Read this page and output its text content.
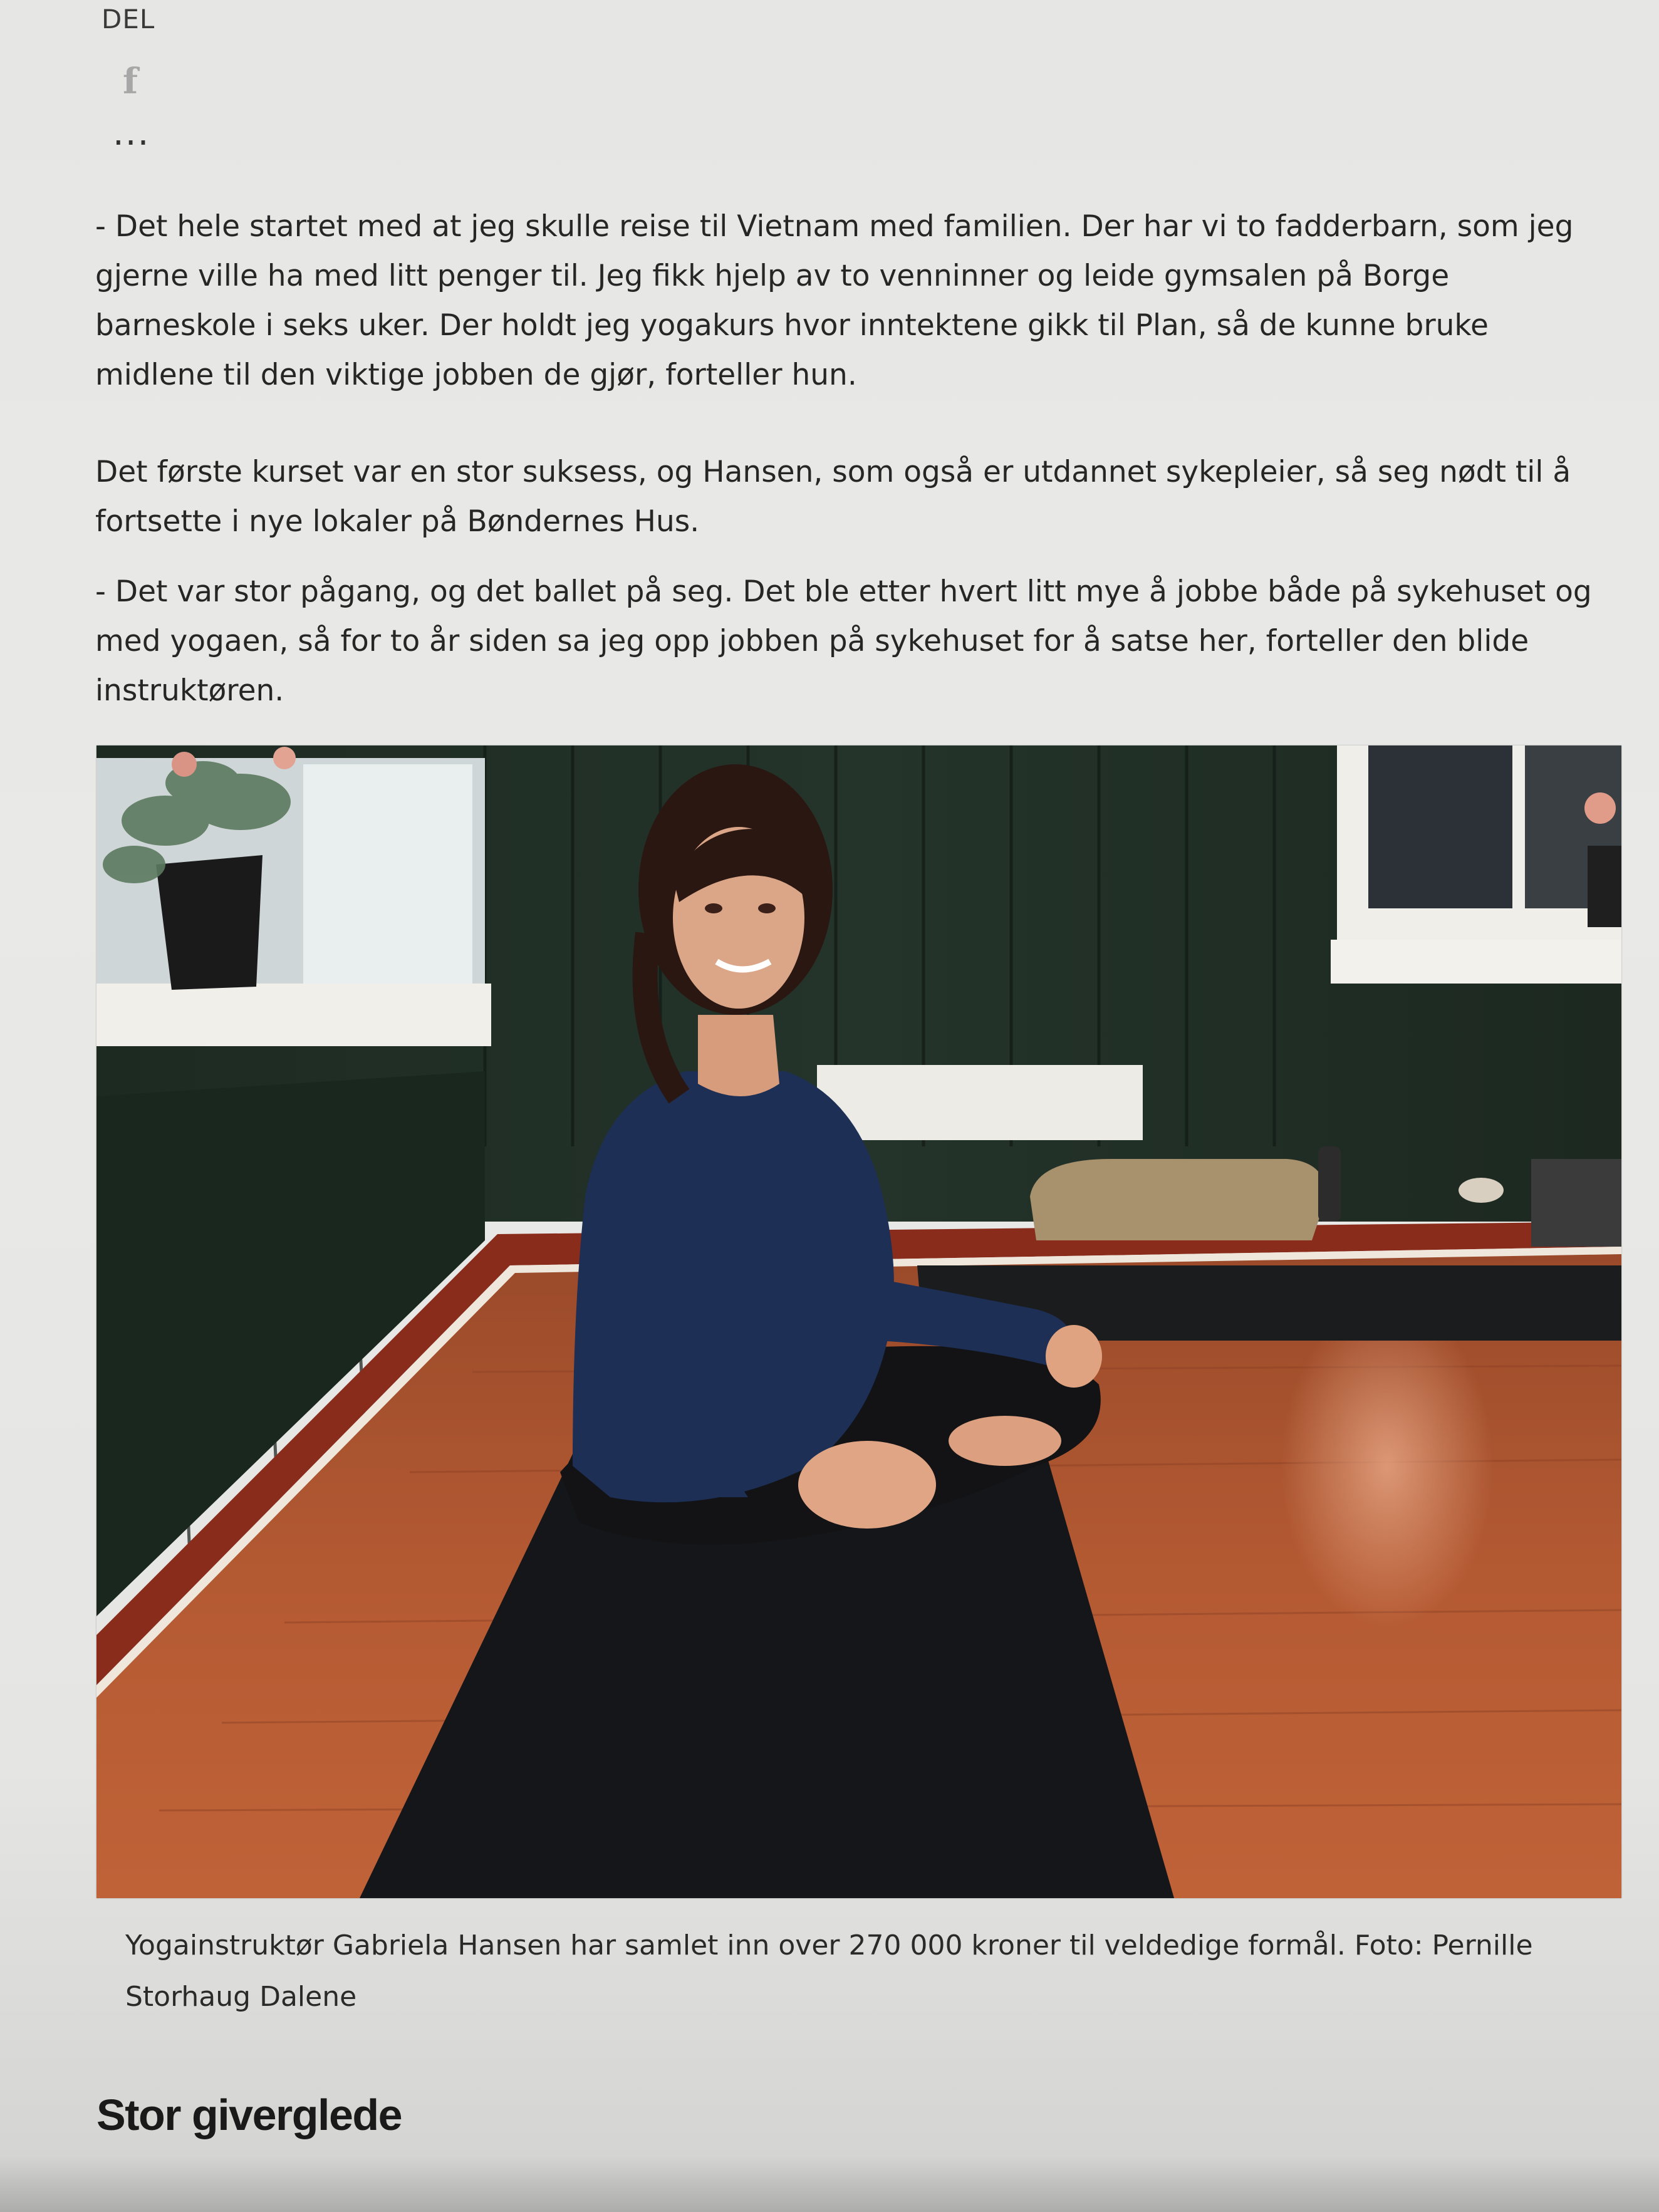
DEL
f
...
- Det hele startet med at jeg skulle reise til Vietnam med familien. Der har vi to fadderbarn, som jeg gjerne ville ha med litt penger til. Jeg fikk hjelp av to venninner og leide gymsalen på Borge barneskole i seks uker. Der holdt jeg yogakurs hvor inntektene gikk til Plan, så de kunne bruke midlene til den viktige jobben de gjør, forteller hun.
Det første kurset var en stor suksess, og Hansen, som også er utdannet sykepleier, så seg nødt til å fortsette i nye lokaler på Bøndernes Hus.
- Det var stor pågang, og det ballet på seg. Det ble etter hvert litt mye å jobbe både på sykehuset og med yogaen, så for to år siden sa jeg opp jobben på sykehuset for å satse her, forteller den blide instruktøren.
Yogainstruktør Gabriela Hansen har samlet inn over 270 000 kroner til veldedige formål. Foto: Pernille Storhaug Dalene
Stor giverglede
